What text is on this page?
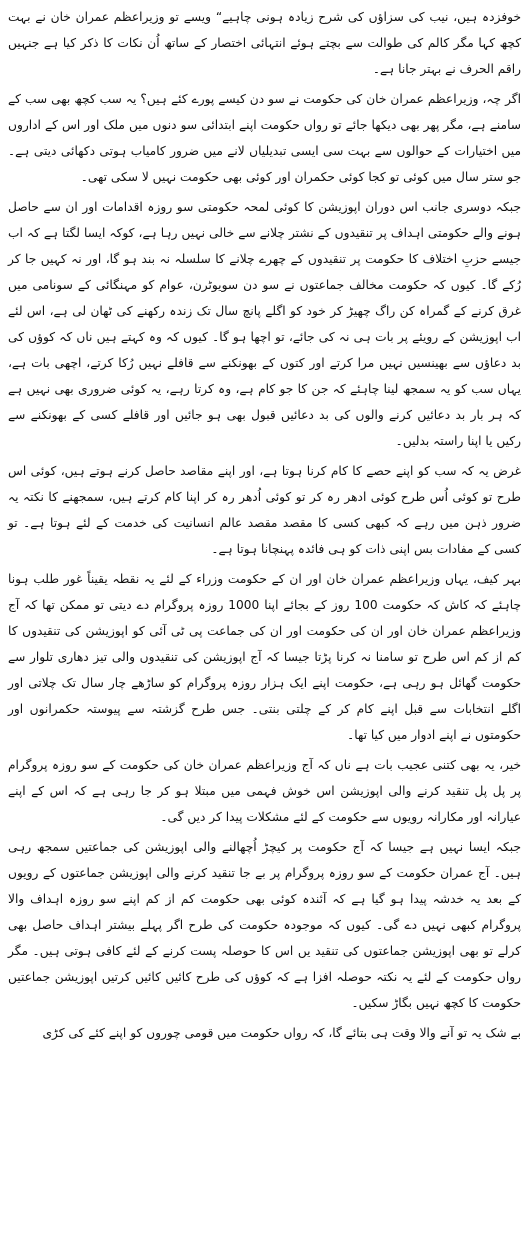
خوفزدہ ہیں، نیب کی سزاؤں کی شرح زیادہ ہونی چاہیے“ ویسے تو وزیراعظم عمران خان نے بہت کچھ کہا مگر کالم کی طوالت سے بچتے ہوئے انتہائی اختصار کے ساتھ اُن نکات کا ذکر کیا ہے جنہیں راقم الحرف نے بہتر جانا ہے۔

اگر چہ، وزیراعظم عمران خان کی حکومت نے سو دن کیسے پورے کئے ہیں؟ یہ سب کچھ بھی سب کے سامنے ہے، مگر پھر بھی دیکھا جائے تو رواں حکومت اپنے ابتدائی سو دنوں میں ملک اور اس کے اداروں میں اختیارات کے حوالوں سے بہت سی ایسی تبدیلیاں لانے میں ضرور کامیاب ہوتی دکھائی دیتی ہے۔ جو ستر سال میں کوئی تو کجا کوئی حکمران اور کوئی بھی حکومت نہیں لا سکی تھی۔

جبکہ دوسری جانب اس دوران اپوزیشن کا کوئی لمحہ حکومتی سو روزہ اقدامات اور ان سے حاصل ہونے والے حکومتی اہداف پر تنقیدوں کے نشتر چلانے سے خالی نہیں رہا ہے، کوکہ ایسا لگتا ہے کہ اب جیسے حزبِ اختلاف کا حکومت پر تنقیدوں کے چھرے چلانے کا سلسلہ نہ بند ہو گا، اور نہ کہیں جا کر رُکے گا۔ کیوں کہ حکومت مخالف جماعتوں نے سو دن سویوٹرن، عوام کو مہنگائی کے سونامی میں غرق کرنے کے گمراہ کن راگ چھیڑ کر خود کو اگلے پانچ سال تک زندہ رکھنے کی ٹھان لی ہے، اس لئے اب اپوزیشن کے رویئے پر بات ہی نہ کی جائے، تو اچھا ہو گا۔ کیوں کہ وہ کہتے ہیں ناں کہ کوؤں کی بد دعاؤں سے بھینسیں نہیں مرا کرتے اور کتوں کے بھونکنے سے قافلے نہیں رُکا کرتے، اچھی بات ہے، یہاں سب کو یہ سمجھ لینا چاہئے کہ جن کا جو کام ہے، وہ کرتا رہے، یہ کوئی ضروری بھی نہیں ہے کہ ہر بار بد دعائیں کرنے والوں کی بد دعائیں قبول بھی ہو جائیں اور قافلے کسی کے بھونکنے سے رکیں یا اپنا راستہ بدلیں۔

غرض یہ کہ سب کو اپنے حصے کا کام کرنا ہوتا ہے، اور اپنے مقاصد حاصل کرنے ہوتے ہیں، کوئی اس طرح تو کوئی اُس طرح کوئی ادھر رہ کر تو کوئی اُدھر رہ کر اپنا کام کرتے ہیں، سمجھنے کا نکتہ یہ ضرور ذہن میں رہے کہ کبھی کسی کا مقصد مقصد عالم انسانیت کی خدمت کے لئے ہوتا ہے۔ تو کسی کے مفادات بس اپنی ذات کو ہی فائدہ پہنچانا ہوتا ہے۔

بہر کیف، یہاں وزیراعظم عمران خان اور ان کے حکومت وزراء کے لئے یہ نقطہ یقیناً غور طلب ہونا چاہئے کہ کاش کہ حکومت 100 روز کے بجائے اپنا 1000 روزہ پروگرام دے دیتی تو ممکن تھا کہ آج وزیراعظم عمران خان اور ان کی حکومت اور ان کی جماعت پی ٹی آئی کو اپوزیشن کی تنقیدوں کا کم از کم اس طرح تو سامنا نہ کرنا پڑتا جیسا کہ آج اپوزیشن کی تنقیدوں والی تیز دھاری تلوار سے حکومت گھائل ہو رہی ہے، حکومت اپنے ایک ہزار روزہ پروگرام کو ساڑھے چار سال تک چلاتی اور اگلے انتخابات سے قبل اپنے کام کر کے چلتی بنتی۔ جس طرح گزشتہ سے پیوستہ حکمرانوں اور حکومتوں نے اپنے ادوار میں کیا تھا۔

خیر، یہ بھی کتنی عجیب بات ہے ناں کہ آج وزیراعظم عمران خان کی حکومت کے سو روزہ پروگرام پر پل پل تنقید کرنے والی اپوزیشن اس خوش فہمی میں مبتلا ہو کر جا رہی ہے کہ اس کے اپنے عیارانہ اور مکارانہ رویوں سے حکومت کے لئے مشکلات پیدا کر دیں گی۔

جبکہ ایسا نہیں ہے جیسا کہ آج حکومت پر کیچڑ اُچھالنے والی اپوزیشن کی جماعتیں سمجھ رہی ہیں۔ آج عمران حکومت کے سو روزہ پروگرام پر بے جا تنقید کرنے والی اپوزیشن جماعتوں کے رویوں کے بعد یہ خدشہ پیدا ہو گیا ہے کہ آئندہ کوئی بھی حکومت کم از کم اپنے سو روزہ اہداف والا پروگرام کبھی نہیں دے گی۔ کیوں کہ موجودہ حکومت کی طرح اگر پہلے بیشتر اہداف حاصل بھی کرلے تو بھی اپوزیشن جماعتوں کی تنقید یں اس کا حوصلہ پست کرنے کے لئے کافی ہوتی ہیں۔ مگر رواں حکومت کے لئے یہ نکتہ حوصلہ افزا ہے کہ کوؤں کی طرح کائیں کائیں کرتیں اپوزیشن جماعتیں حکومت کا کچھ نہیں بگاڑ سکیں۔

بے شک یہ تو آنے والا وقت ہی بتائے گا، کہ رواں حکومت میں قومی چوروں کو اپنے کئے کی کڑی
